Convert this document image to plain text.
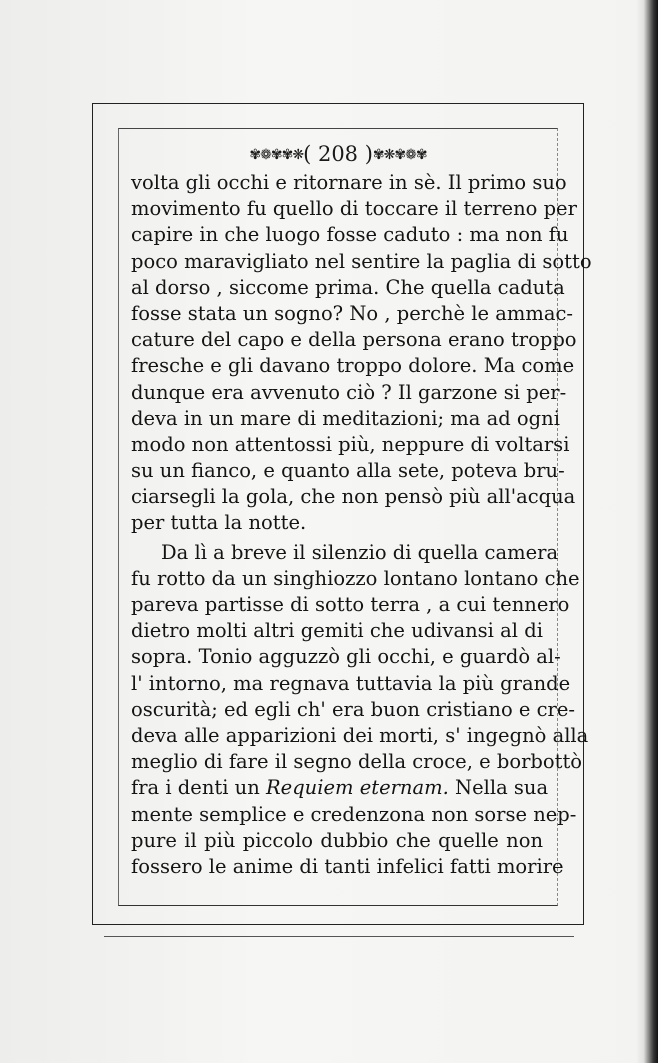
✾❁✾✾❋( 208 )✾❋✾❁✾
volta gli occhi e ritornare in sè. Il primo suo
movimento fu quello di toccare il terreno per
capire in che luogo fosse caduto : ma non fu
poco maravigliato nel sentire la paglia di sotto
al dorso , siccome prima. Che quella caduta
fosse stata un sogno? No , perchè le ammac-
cature del capo e della persona erano troppo
fresche e gli davano troppo dolore. Ma come
dunque era avvenuto ciò ? Il garzone si per-
deva in un mare di meditazioni; ma ad ogni
modo non attentossi più, neppure di voltarsi
su un fianco, e quanto alla sete, poteva bru-
ciarsegli la gola, che non pensò più all'acqua
per tutta la notte.
Da lì a breve il silenzio di quella camera
fu rotto da un singhiozzo lontano lontano che
pareva partisse di sotto terra , a cui tennero
dietro molti altri gemiti che udivansi al di
sopra. Tonio agguzzò gli occhi, e guardò al-
l' intorno, ma regnava tuttavia la più grande
oscurità; ed egli ch' era buon cristiano e cre-
deva alle apparizioni dei morti, s' ingegnò alla
meglio di fare il segno della croce, e borbottò
fra i denti un Requiem eternam. Nella sua
mente semplice e credenzona non sorse nep-
pure il più piccolo dubbio che quelle non
fossero le anime di tanti infelici fatti morire
